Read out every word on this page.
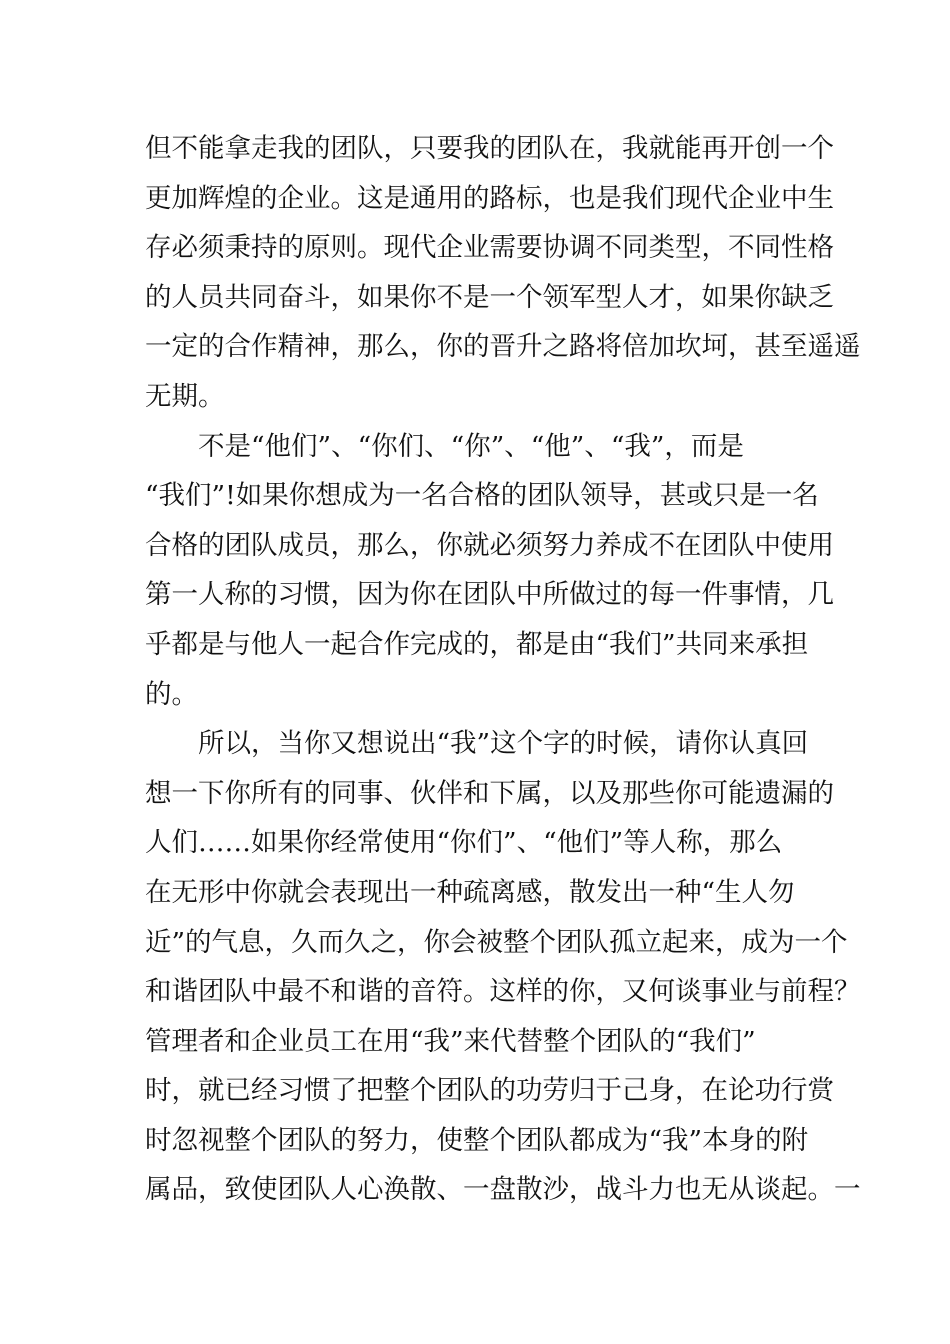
但不能拿走我的团队，只要我的团队在，我就能再开创一个
更加辉煌的企业。这是通用的路标，也是我们现代企业中生
存必须秉持的原则。现代企业需要协调不同类型，不同性格
的人员共同奋斗，如果你不是一个领军型人才，如果你缺乏
一定的合作精神，那么，你的晋升之路将倍加坎坷，甚至遥遥
无期。
不是“他们”、“你们、“你”、“他”、“我”，而是
“我们”!如果你想成为一名合格的团队领导，甚或只是一名
合格的团队成员，那么，你就必须努力养成不在团队中使用
第一人称的习惯，因为你在团队中所做过的每一件事情，几
乎都是与他人一起合作完成的，都是由“我们”共同来承担
的。
所以，当你又想说出“我”这个字的时候，请你认真回
想一下你所有的同事、伙伴和下属，以及那些你可能遗漏的
人们……如果你经常使用“你们”、“他们”等人称，那么
在无形中你就会表现出一种疏离感，散发出一种“生人勿
近”的气息，久而久之，你会被整个团队孤立起来，成为一个
和谐团队中最不和谐的音符。这样的你，又何谈事业与前程？
管理者和企业员工在用“我”来代替整个团队的“我们”
时，就已经习惯了把整个团队的功劳归于己身，在论功行赏
时忽视整个团队的努力，使整个团队都成为“我”本身的附
属品，致使团队人心涣散、一盘散沙，战斗力也无从谈起。一
